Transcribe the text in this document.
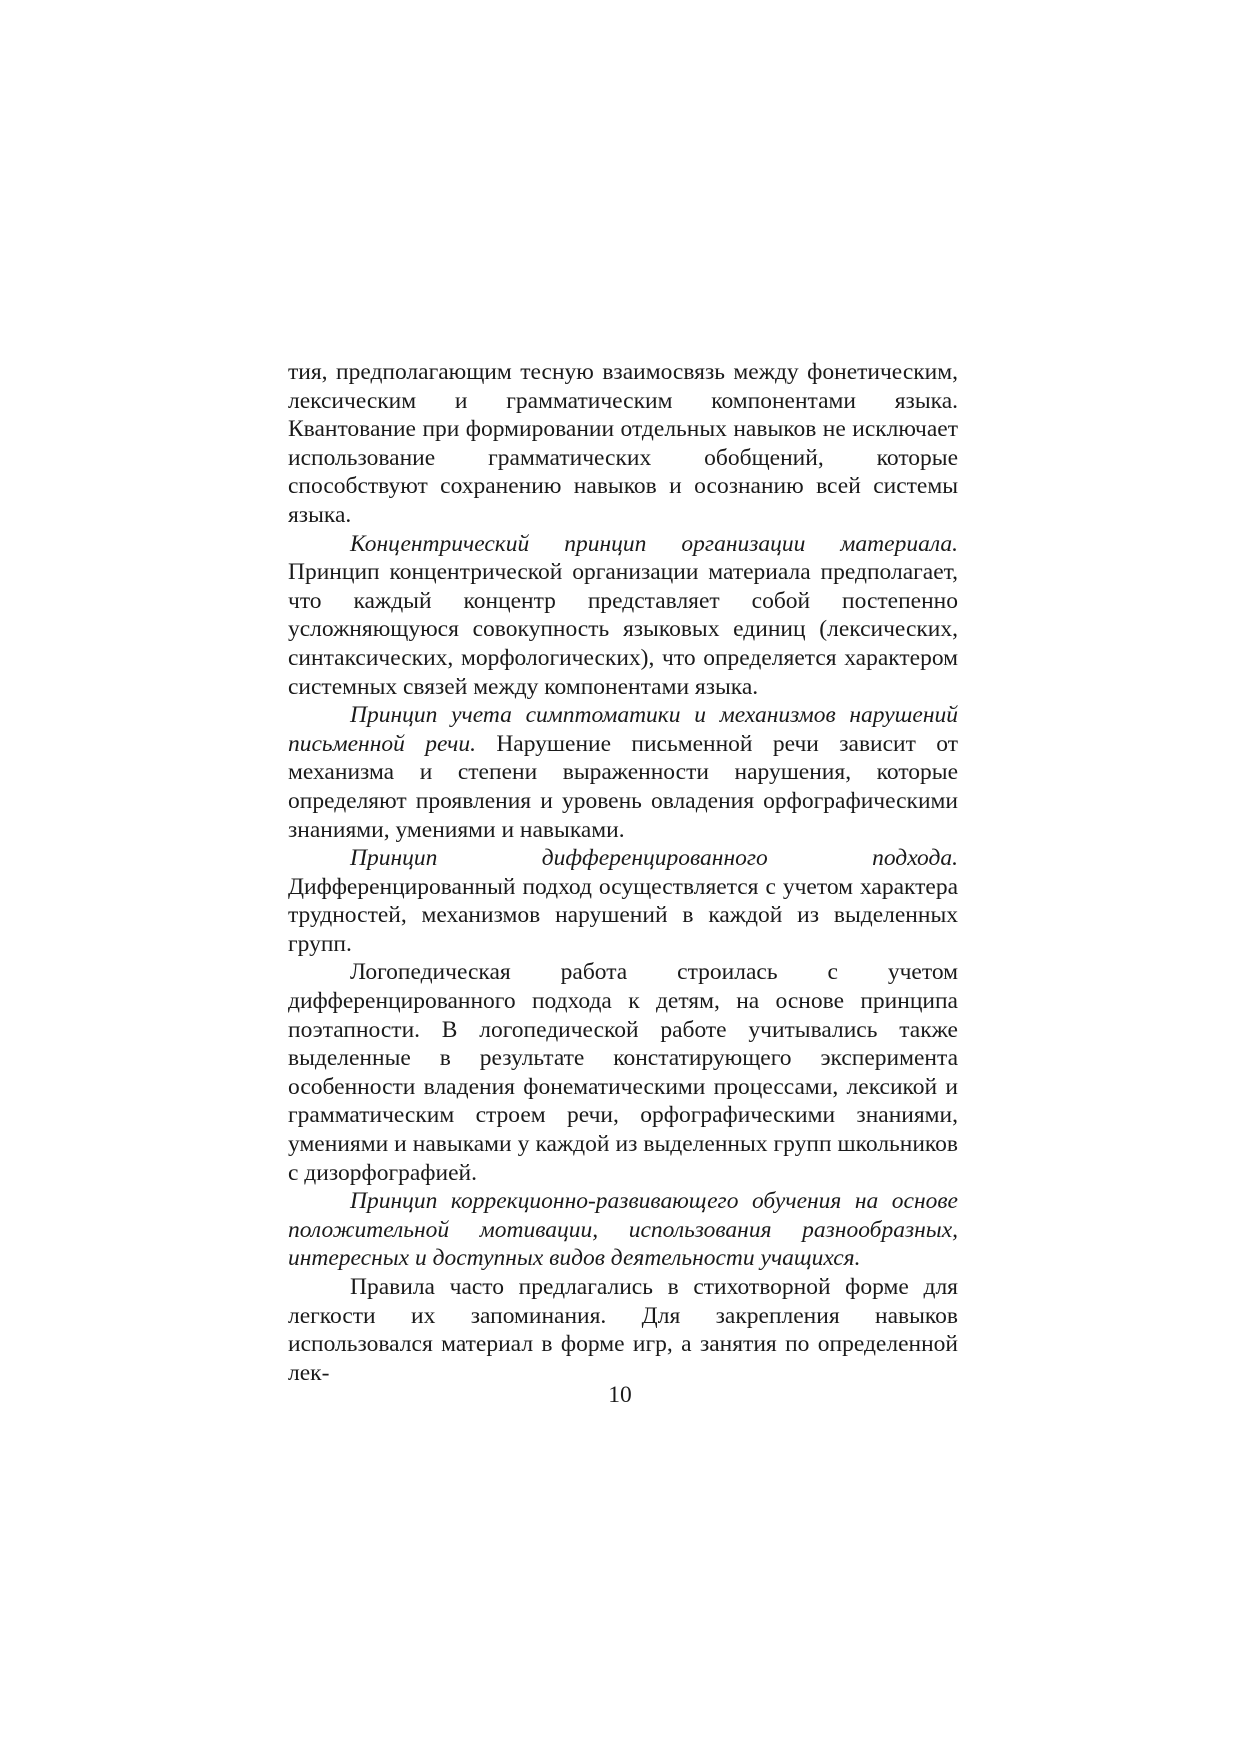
тия, предполагающим тесную взаимосвязь между фонетическим, лексическим и грамматическим компонентами языка. Квантование при формировании отдельных навыков не исключает использование грамматических обобщений, которые способствуют сохранению навыков и осознанию всей системы языка.

Концентрический принцип организации материала. Принцип концентрической организации материала предполагает, что каждый концентр представляет собой постепенно усложняющуюся совокупность языковых единиц (лексических, синтаксических, морфологических), что определяется характером системных связей между компонентами языка.

Принцип учета симптоматики и механизмов нарушений письменной речи. Нарушение письменной речи зависит от механизма и степени выраженности нарушения, которые определяют проявления и уровень овладения орфографическими знаниями, умениями и навыками.

Принцип дифференцированного подхода. Дифференцированный подход осуществляется с учетом характера трудностей, механизмов нарушений в каждой из выделенных групп.

Логопедическая работа строилась с учетом дифференцированного подхода к детям, на основе принципа поэтапности. В логопедической работе учитывались также выделенные в результате констатирующего эксперимента особенности владения фонематическими процессами, лексикой и грамматическим строем речи, орфографическими знаниями, умениями и навыками у каждой из выделенных групп школьников с дизорфографией.

Принцип коррекционно-развивающего обучения на основе положительной мотивации, использования разнообразных, интересных и доступных видов деятельности учащихся.

Правила часто предлагались в стихотворной форме для легкости их запоминания. Для закрепления навыков использовался материал в форме игр, а занятия по определенной лек-

10
